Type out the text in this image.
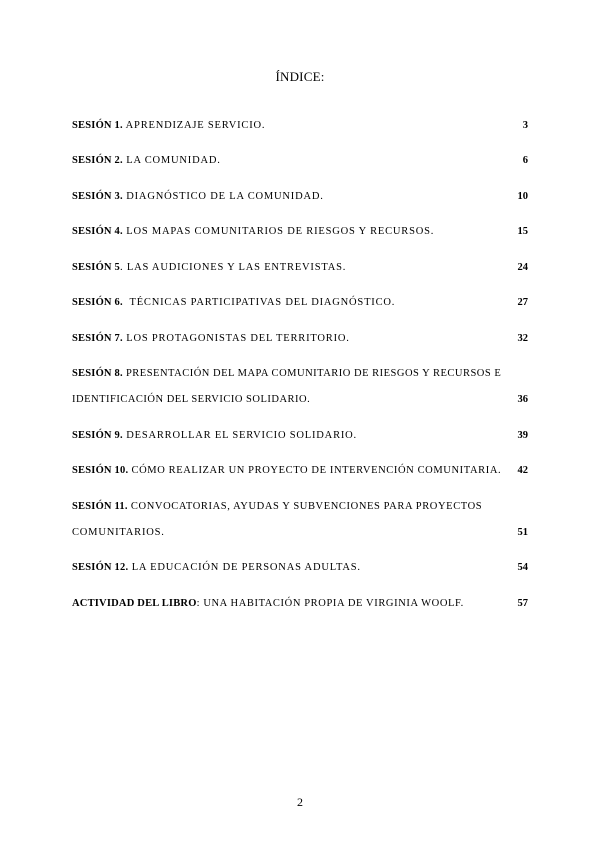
ÍNDICE:
SESIÓN 1. APRENDIZAJE SERVICIO.	3
SESIÓN 2. LA COMUNIDAD.	6
SESIÓN 3. DIAGNÓSTICO DE LA COMUNIDAD.	10
SESIÓN 4. LOS MAPAS COMUNITARIOS DE RIESGOS Y RECURSOS.	15
SESIÓN 5. LAS AUDICIONES Y LAS ENTREVISTAS.	24
SESIÓN 6.  TÉCNICAS PARTICIPATIVAS DEL DIAGNÓSTICO.	27
SESIÓN 7. LOS PROTAGONISTAS DEL TERRITORIO.	32
SESIÓN 8. PRESENTACIÓN DEL MAPA COMUNITARIO DE RIESGOS Y RECURSOS E
IDENTIFICACIÓN DEL SERVICIO SOLIDARIO.	36
SESIÓN 9. DESARROLLAR EL SERVICIO SOLIDARIO.	39
SESIÓN 10. CÓMO REALIZAR UN PROYECTO DE INTERVENCIÓN COMUNITARIA. 42
SESIÓN 11. CONVOCATORIAS, AYUDAS Y SUBVENCIONES PARA PROYECTOS
COMUNITARIOS.	51
SESIÓN 12. LA EDUCACIÓN DE PERSONAS ADULTAS.	54
ACTIVIDAD DEL LIBRO: UNA HABITACIÓN PROPIA DE VIRGINIA WOOLF.	57
2
